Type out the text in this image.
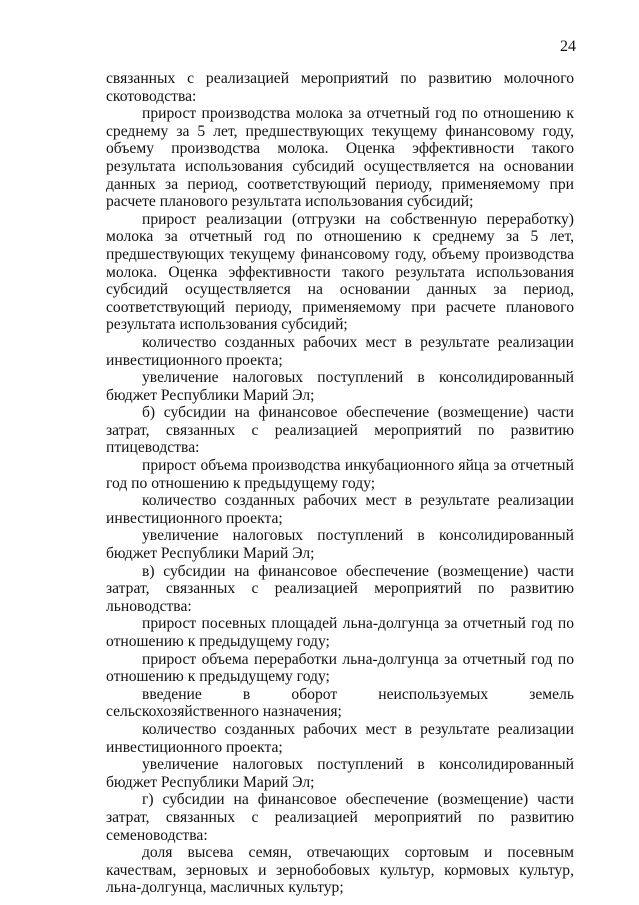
24

связанных с реализацией мероприятий по развитию молочного скотоводства:

прирост производства молока за отчетный год по отношению к среднему за 5 лет, предшествующих текущему финансовому году, объему производства молока. Оценка эффективности такого результата использования субсидий осуществляется на основании данных за период, соответствующий периоду, применяемому при расчете планового результата использования субсидий;

прирост реализации (отгрузки на собственную переработку) молока за отчетный год по отношению к среднему за 5 лет, предшествующих текущему финансовому году, объему производства молока. Оценка эффективности такого результата использования субсидий осуществляется на основании данных за период, соответствующий периоду, применяемому при расчете планового результата использования субсидий;

количество созданных рабочих мест в результате реализации инвестиционного проекта;

увеличение налоговых поступлений в консолидированный бюджет Республики Марий Эл;

б) субсидии на финансовое обеспечение (возмещение) части затрат, связанных с реализацией мероприятий по развитию птицеводства:

прирост объема производства инкубационного яйца за отчетный год по отношению к предыдущему году;

количество созданных рабочих мест в результате реализации инвестиционного проекта;

увеличение налоговых поступлений в консолидированный бюджет Республики Марий Эл;

в) субсидии на финансовое обеспечение (возмещение) части затрат, связанных с реализацией мероприятий по развитию льноводства:

прирост посевных площадей льна-долгунца за отчетный год по отношению к предыдущему году;

прирост объема переработки льна-долгунца за отчетный год по отношению к предыдущему году;

введение в оборот неиспользуемых земель сельскохозяйственного назначения;

количество созданных рабочих мест в результате реализации инвестиционного проекта;

увеличение налоговых поступлений в консолидированный бюджет Республики Марий Эл;

г) субсидии на финансовое обеспечение (возмещение) части затрат, связанных с реализацией мероприятий по развитию семеноводства:

доля высева семян, отвечающих сортовым и посевным качествам, зерновых и зернобобовых культур, кормовых культур, льна-долгунца, масличных культур;
